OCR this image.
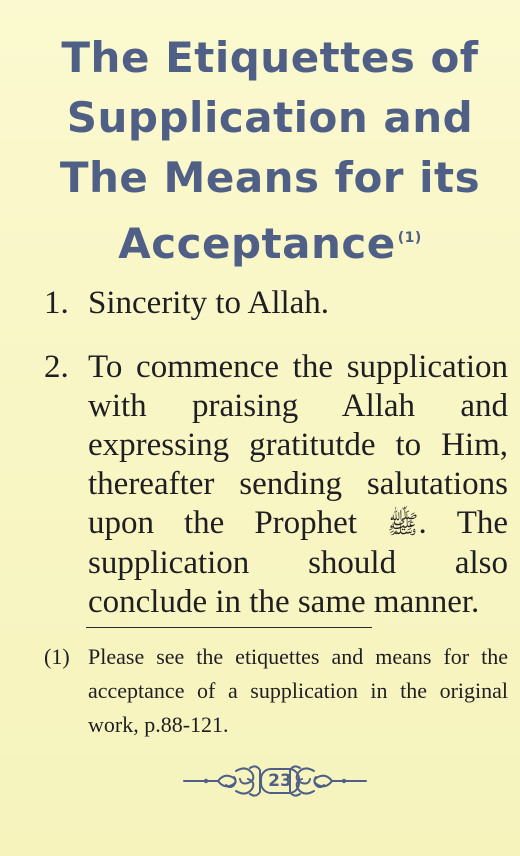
The Etiquettes of
Supplication and
The Means for its
Acceptance $^{(1)}$
1. Sincerity to Allah.
2. To commence the supplication with praising Allah and expressing gratitutde to Him, thereafter sending salutations upon the Prophet ﷺ. The supplication should also conclude in the same manner.
(1) Please see the etiquettes and means for the acceptance of a supplication in the original work, p.88-121.
23
